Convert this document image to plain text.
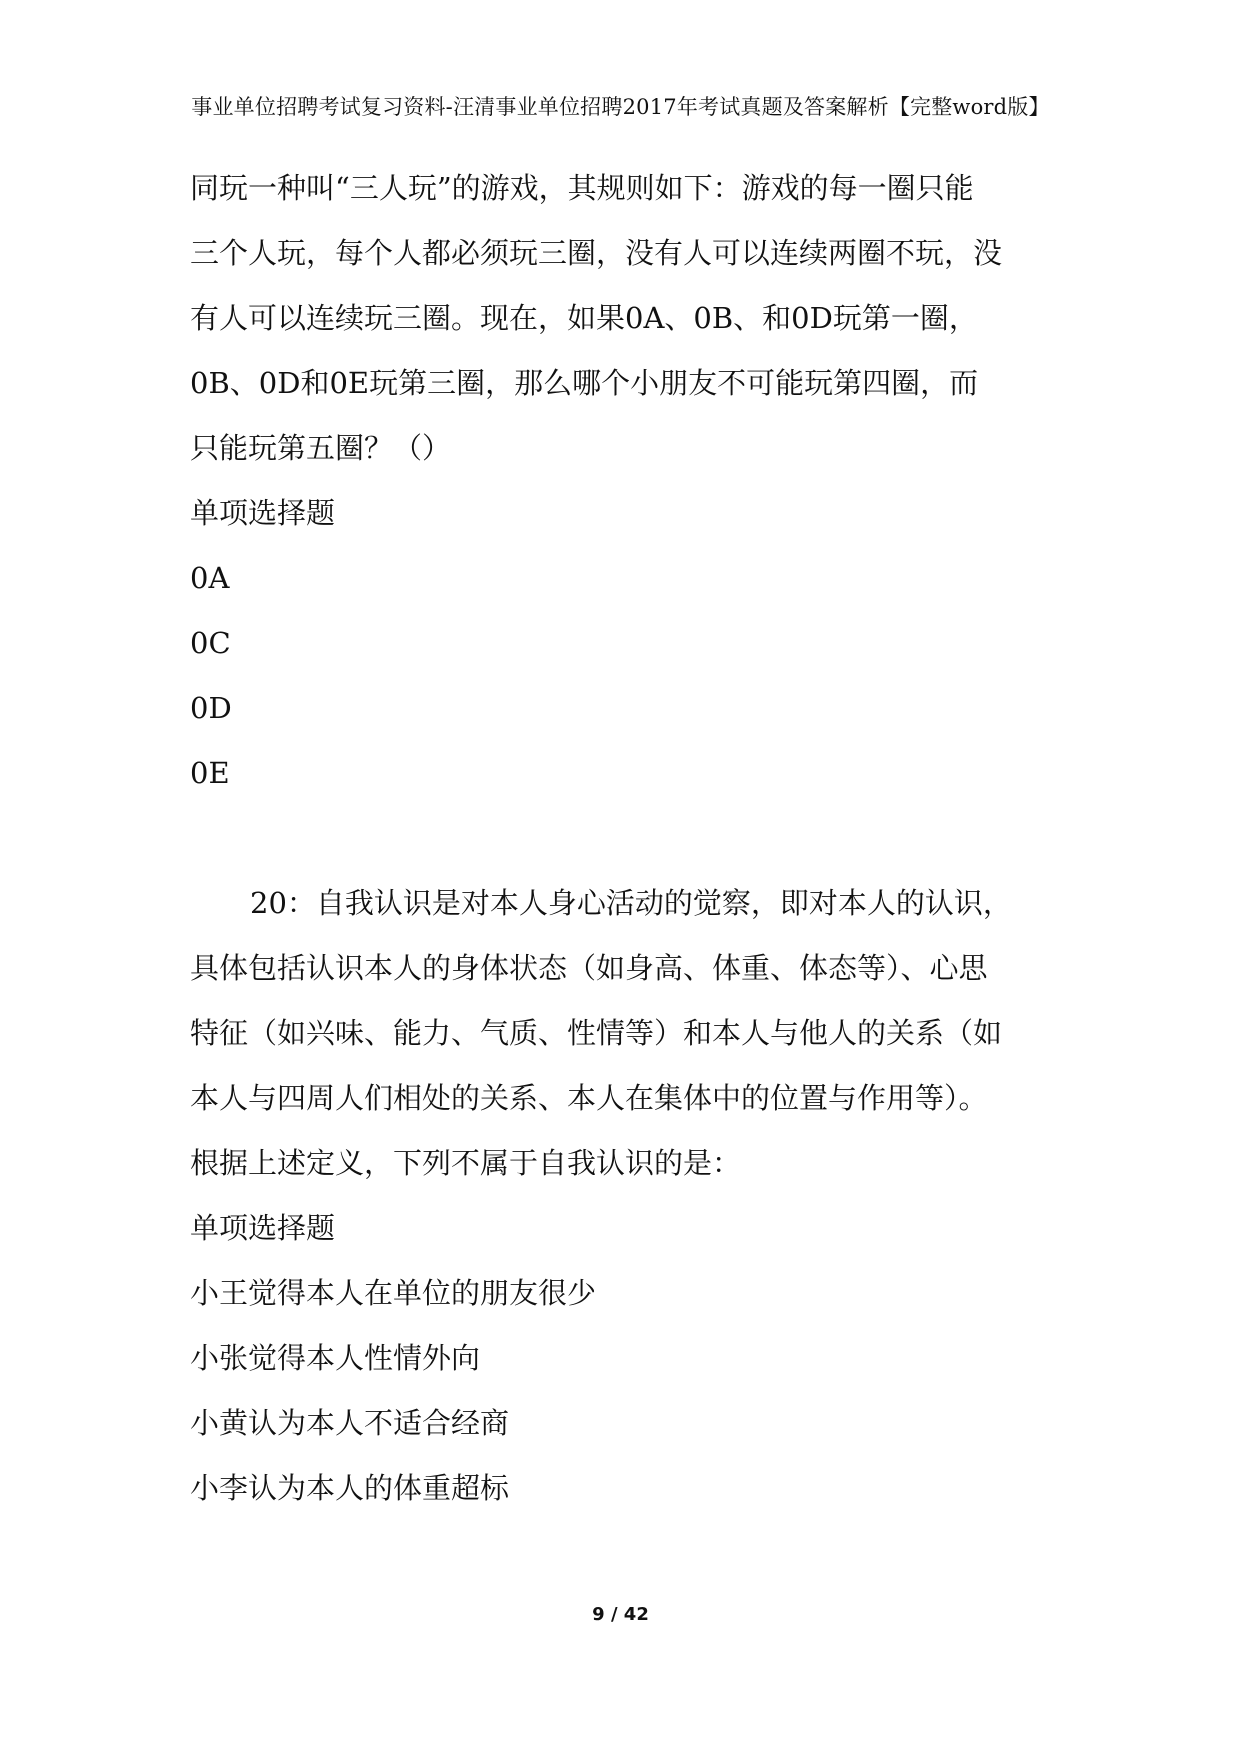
事业单位招聘考试复习资料-汪清事业单位招聘2017年考试真题及答案解析【完整word版】
同玩一种叫“三人玩”的游戏，其规则如下：游戏的每一圈只能
三个人玩，每个人都必须玩三圈，没有人可以连续两圈不玩，没
有人可以连续玩三圈。现在，如果0A、0B、和0D玩第一圈，
0B、0D和0E玩第三圈，那么哪个小朋友不可能玩第四圈，而
只能玩第五圈？（）
单项选择题
0A
0C
0D
0E
20：自我认识是对本人身心活动的觉察，即对本人的认识，
具体包括认识本人的身体状态（如身高、体重、体态等）、心思
特征（如兴味、能力、气质、性情等）和本人与他人的关系（如
本人与四周人们相处的关系、本人在集体中的位置与作用等）。
根据上述定义，下列不属于自我认识的是：
单项选择题
小王觉得本人在单位的朋友很少
小张觉得本人性情外向
小黄认为本人不适合经商
小李认为本人的体重超标
9 / 42
